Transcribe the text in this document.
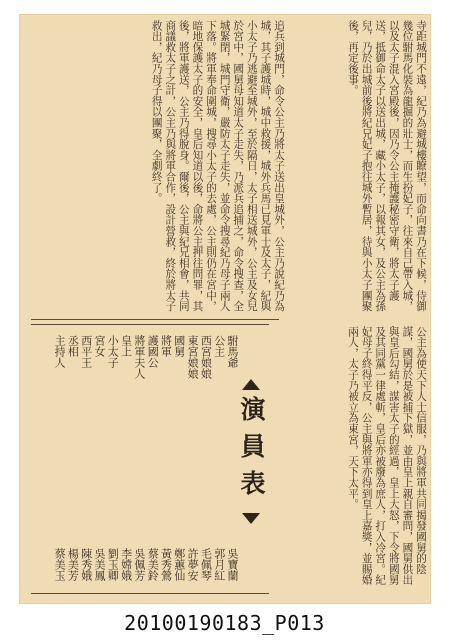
寺距城門不遠，紀乃為避城樓瞭望，而命向書乃在下候，侍御幾位駙馬化裝為龍掘的壯士，而生扮妃子，往來自己帶入城，以及太子混入宮殿後，因乃令公主掩護秘密守衛，將太子護送，抵御命太子以送出城，藏小太子，以報其女，及公主為孫兒，乃於出城前後將紀兄妃子抱往城外暫居，待與小太子團聚後，再定後事。
追兵到城門，命令公主乃將太子送出皇城外，公主乃說紀乃為城，其子護城時，城中救援，城外兵馬已見軍士及太子，紀與小太子乃逃避至城外，至於隔日，太子相送城外，公主及女兒於宮中，國舅母知道太子走失，乃派兵追捕之，命令搜查，全城緊閉，城門守衛，嚴防太子走失，並命令搜尋紀乃母子兩人下落。將軍奉命圍城，搜尋小太子的去處，公主則仍在宮中，暗地保護太子的安全，皇后知道以後，命將公主押往問罪，其後，將軍護送，公主乃得脫身。爾後，公主與紀兄相會，共同商議救太子之計，公主乃與將軍合作，設計營救，終於將太子救出，紀乃母子得以團聚，全劇終了。
公主為使天下人士信服，乃與將軍共同揭發國舅的陰謀，國舅於是被捕下獄，並由皇上親自審問，國舅供出與皇后勾結，謀害太子的經過，皇上大怒，下令將國舅及其同黨一律處斬，皇后亦被廢為庶人，打入冷宮。紀妃母子終得平反，公主與將軍亦得到皇上嘉獎，並賜婚兩人，太子乃被立為東宮，天下太平。
演員表
駙馬爺
吳寶蘭
公主
郭月紅
西宮娘娘
毛佩琴
東宮娘娘
許夢安
國舅
鄭蕙仙
將軍
黃秀鶯
護國公
蔡美鈴
將軍夫人
吳佩芳
皇上
李嫦娥
小太子
劉玉卿
宮女
吳美鳳
西平王
陳秀娥
丞相
楊美芳
主持人
蔡美玉
20100190183_P013
